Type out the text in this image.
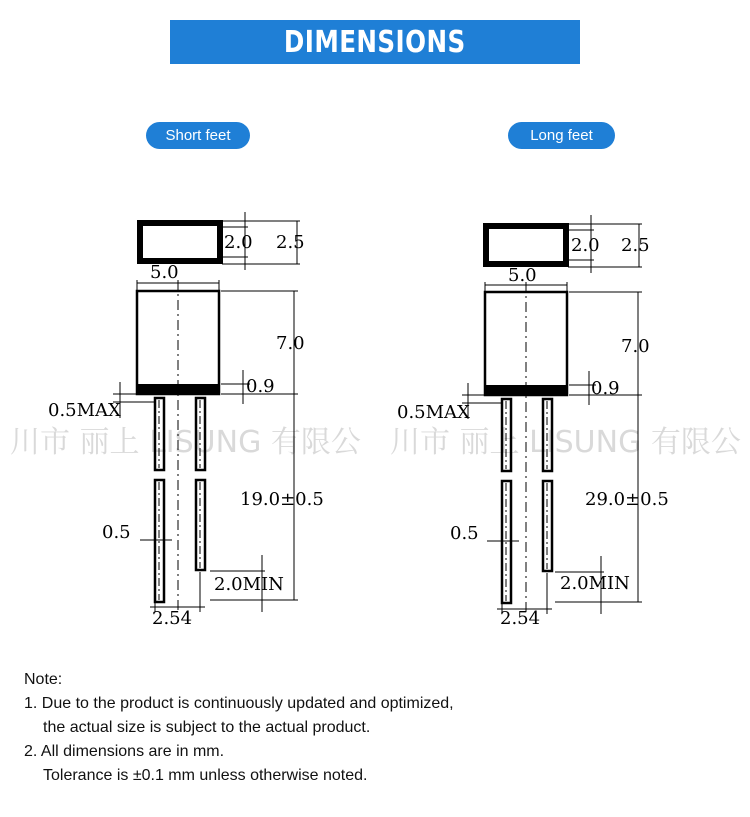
DIMENSIONS
Short feet	Long feet
川市 丽上 LISUNG 有限公 川市 丽上 LISUNG 有限公
2.0 2.5
5.0
7.0
0.9
0.5MAX
19.0±0.5
0.5
2.0MIN
2.54
2.0 2.5
5.0
7.0
0.9
0.5MAX
29.0±0.5
0.5
2.0MIN
2.54
Note:
1. Due to the product is continuously updated and optimized,
the actual size is subject to the actual product.
2. All dimensions are in mm.
Tolerance is ±0.1 mm unless otherwise noted.
